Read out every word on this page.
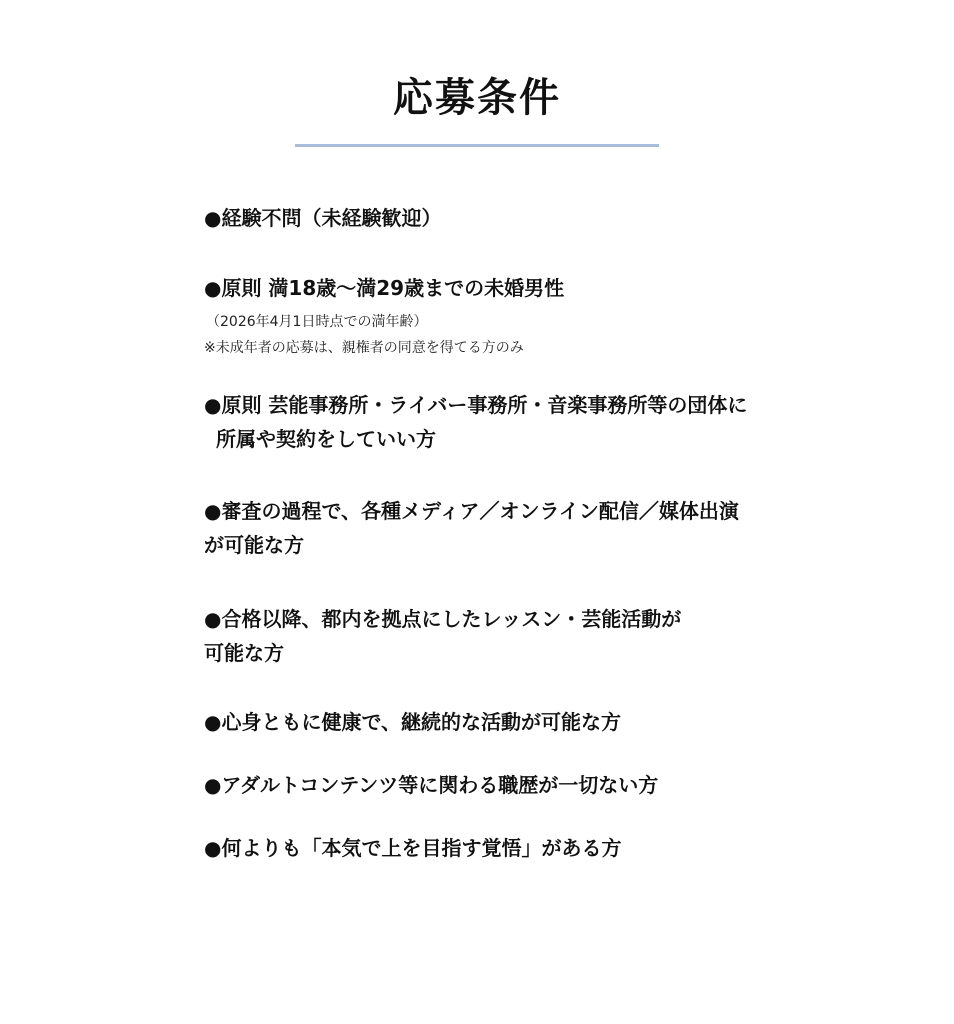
応募条件
●経験不問（未経験歓迎）
●原則 満18歳〜満29歳までの未婚男性
（2026年4月1日時点での満年齢）
※未成年者の応募は、親権者の同意を得てる方のみ
●原則 芸能事務所・ライバー事務所・音楽事務所等の団体に
所属や契約をしていい方
●審査の過程で、各種メディア／オンライン配信／媒体出演
が可能な方
●合格以降、都内を拠点にしたレッスン・芸能活動が
可能な方
●心身ともに健康で、継続的な活動が可能な方
●アダルトコンテンツ等に関わる職歴が一切ない方
●何よりも「本気で上を目指す覚悟」がある方
